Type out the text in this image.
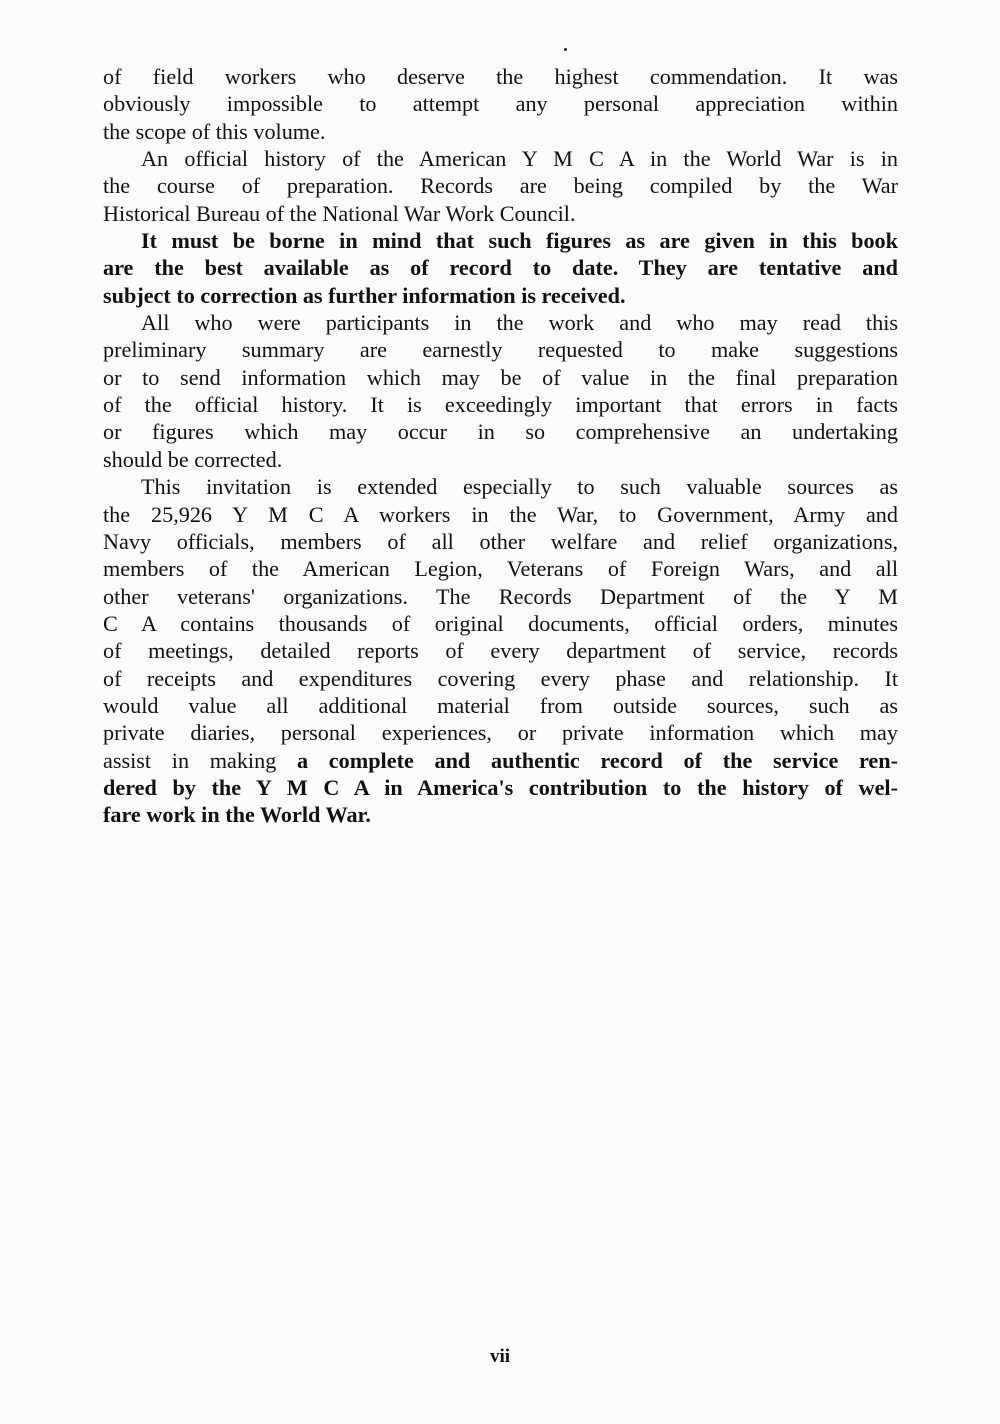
of field workers who deserve the highest commendation. It was
obviously impossible to attempt any personal appreciation within
the scope of this volume.
An official history of the American Y M C A in the World War is in
the course of preparation. Records are being compiled by the War
Historical Bureau of the National War Work Council.
It must be borne in mind that such figures as are given in this book
are the best available as of record to date. They are tentative and
subject to correction as further information is received.
All who were participants in the work and who may read this
preliminary summary are earnestly requested to make suggestions
or to send information which may be of value in the final preparation
of the official history. It is exceedingly important that errors in facts
or figures which may occur in so comprehensive an undertaking
should be corrected.
This invitation is extended especially to such valuable sources as
the 25,926 Y M C A workers in the War, to Government, Army and
Navy officials, members of all other welfare and relief organizations,
members of the American Legion, Veterans of Foreign Wars, and all
other veterans' organizations. The Records Department of the Y M
C A contains thousands of original documents, official orders, minutes
of meetings, detailed reports of every department of service, records
of receipts and expenditures covering every phase and relationship. It
would value all additional material from outside sources, such as
private diaries, personal experiences, or private information which may
assist in making a complete and authentic record of the service ren-
dered by the Y M C A in America's contribution to the history of wel-
fare work in the World War.
vii
